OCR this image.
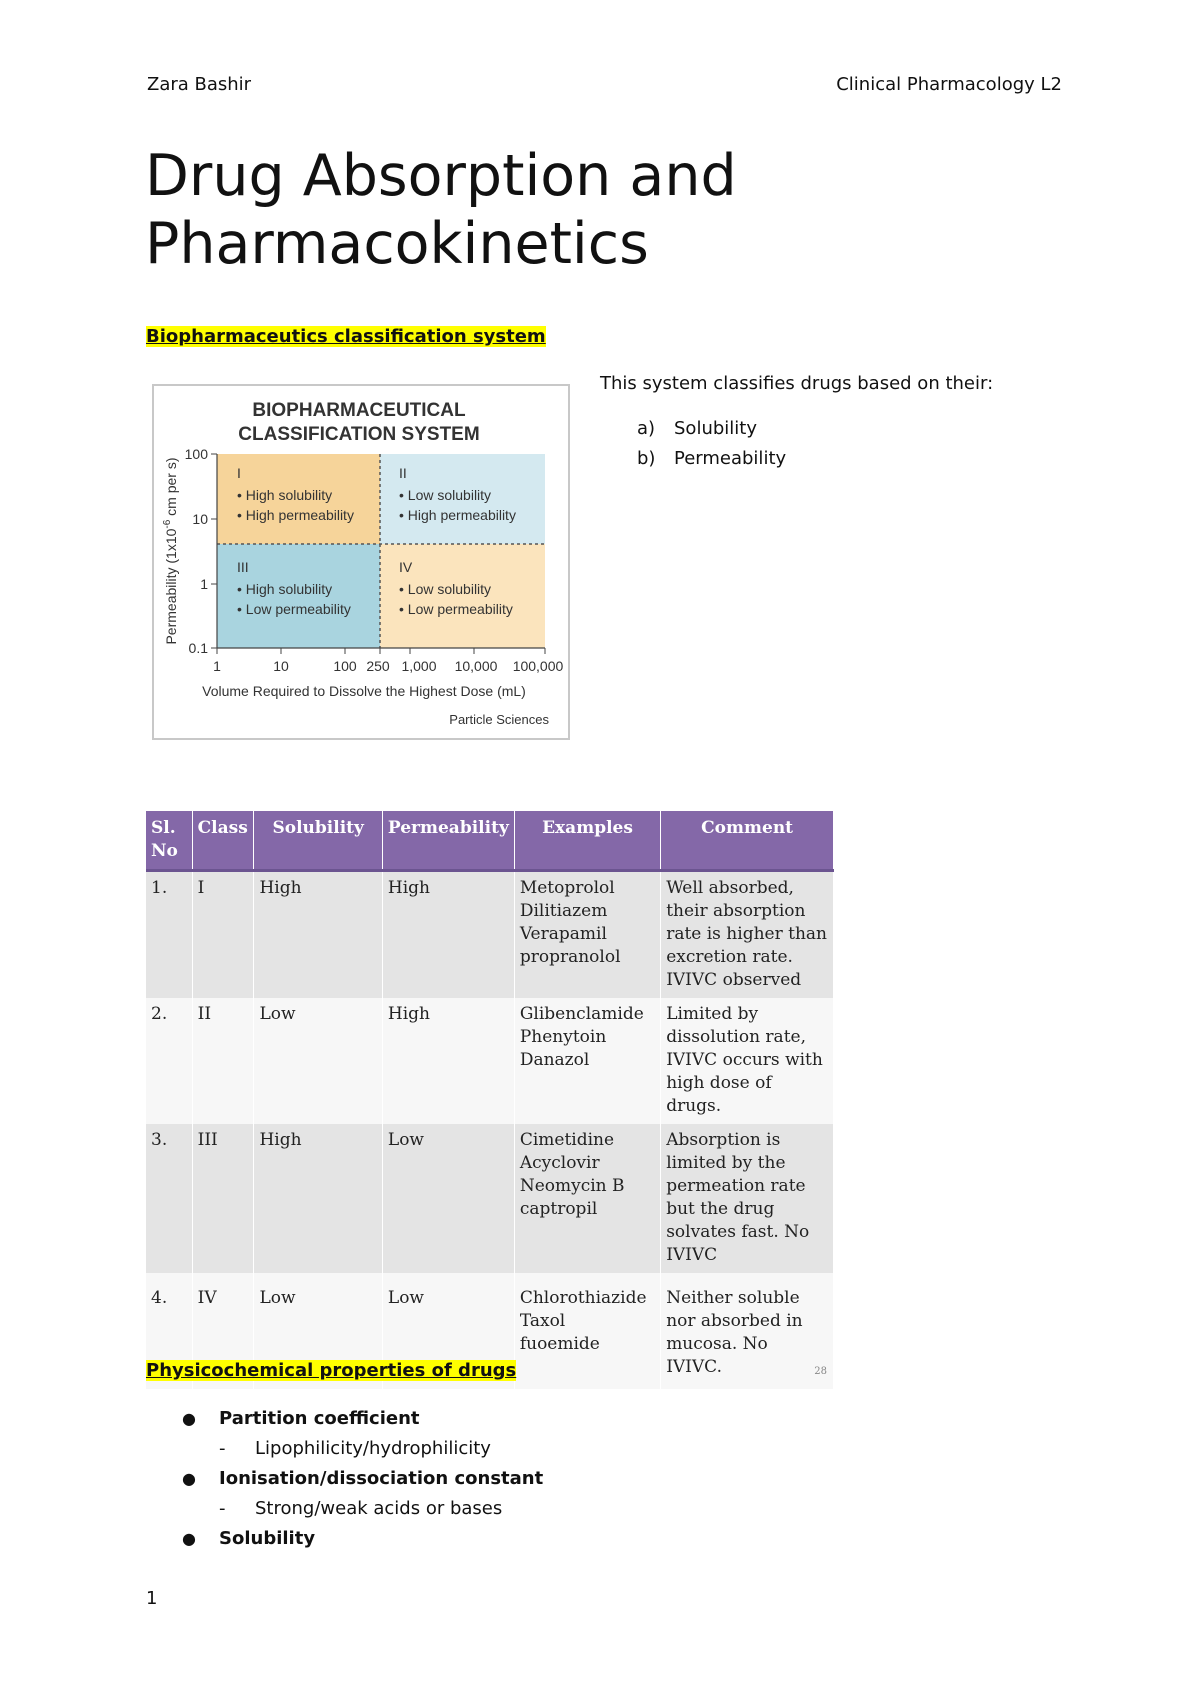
Zara Bashir	Clinical Pharmacology L2
Drug Absorption and Pharmacokinetics
Biopharmaceutics classification system
This system classifies drugs based on their:
a)	Solubility
b)	Permeability
BIOPHARMACEUTICAL
CLASSIFICATION SYSTEM
I
• High solubility
• High permeability
II
• Low solubility
• High permeability
III
• High solubility
• Low permeability
IV
• Low solubility
• Low permeability
100
10
1
0.1
1	10	100 250 1,000 10,000 100,000
Volume Required to Dissolve the Highest Dose (mL)
Particle Sciences
Permeability ($1x10^{-6}$ cm per s)
Sl. No	Class	Solubility	Permeability	Examples	Comment
1.	I	High	High	Metoprolol
Dilitiazem
Verapamil
propranolol	Well absorbed, their absorption rate is higher than excretion rate. IVIVC observed
2.	II	Low	High	Glibenclamide
Phenytoin
Danazol	Limited by dissolution rate, IVIVC occurs with high dose of drugs.
3.	III	High	Low	Cimetidine
Acyclovir
Neomycin B
captropil	Absorption is limited by the permeation rate but the drug solvates fast. No IVIVC
4.	IV	Low	Low	Chlorothiazide
Taxol
fuoemide	Neither soluble nor absorbed in mucosa. No IVIVC. 28
Physicochemical properties of drugs
● Partition coefficient
- Lipophilicity/hydrophilicity
● Ionisation/dissociation constant
- Strong/weak acids or bases
● Solubility
1
